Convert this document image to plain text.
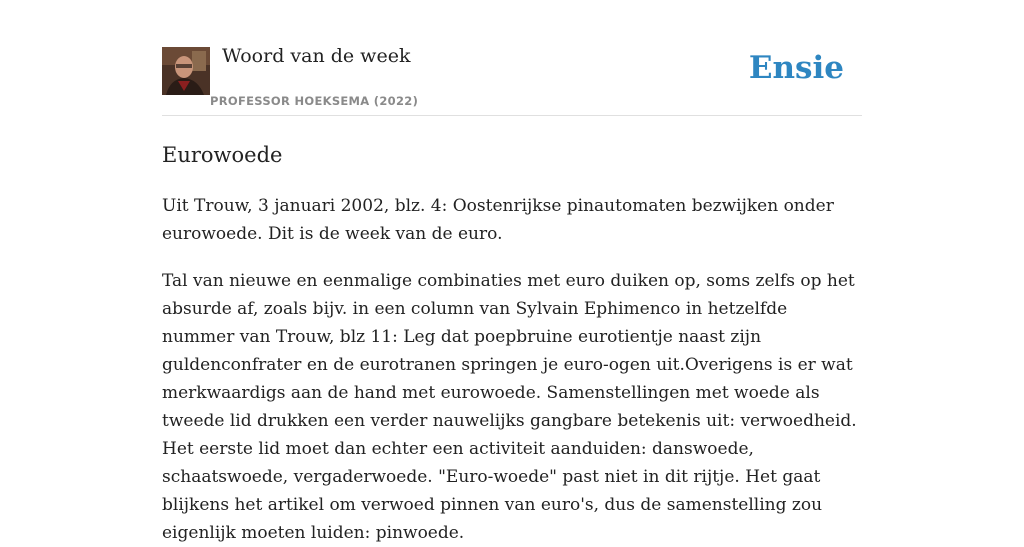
Woord van de week
PROFESSOR HOEKSEMA (2022)
Ensie
Eurowoede

Uit Trouw, 3 januari 2002, blz. 4: Oostenrijkse pinautomaten bezwijken onder eurowoede. Dit is de week van de euro.

Tal van nieuwe en eenmalige combinaties met euro duiken op, soms zelfs op het absurde af, zoals bijv. in een column van Sylvain Ephimenco in hetzelfde nummer van Trouw, blz 11: Leg dat poepbruine eurotientje naast zijn guldenconfrater en de eurotranen springen je euro-ogen uit.Overigens is er wat merkwaardigs aan de hand met eurowoede. Samenstellingen met woede als tweede lid drukken een verder nauwelijks gangbare betekenis uit: verwoedheid. Het eerste lid moet dan echter een activiteit aanduiden: danswoede, schaatswoede, vergaderwoede. "Euro-woede" past niet in dit rijtje. Het gaat blijkens het artikel om verwoed pinnen van euro's, dus de samenstelling zou eigenlijk moeten luiden: pinwoede.
